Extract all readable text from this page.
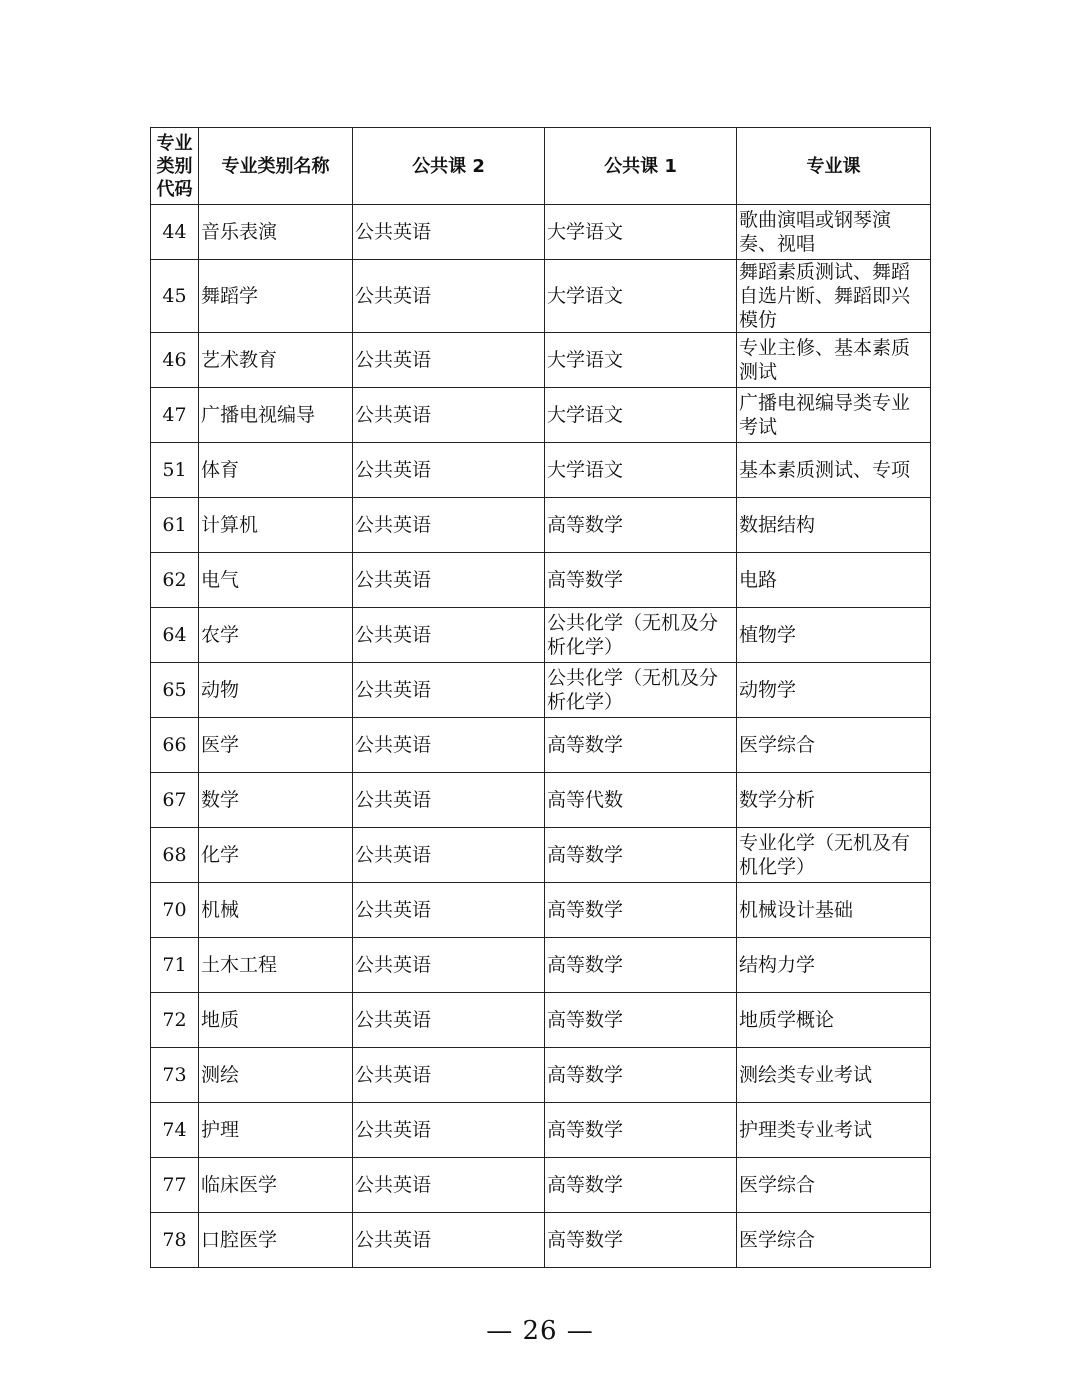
专业
类别
代码	专业类别名称	公共课 2	公共课 1	专业课
44	音乐表演	公共英语	大学语文	歌曲演唱或钢琴演奏、视唱
45	舞蹈学	公共英语	大学语文	舞蹈素质测试、舞蹈自选片断、舞蹈即兴模仿
46	艺术教育	公共英语	大学语文	专业主修、基本素质测试
47	广播电视编导	公共英语	大学语文	广播电视编导类专业考试
51	体育	公共英语	大学语文	基本素质测试、专项
61	计算机	公共英语	高等数学	数据结构
62	电气	公共英语	高等数学	电路
64	农学	公共英语	公共化学（无机及分析化学）	植物学
65	动物	公共英语	公共化学（无机及分析化学）	动物学
66	医学	公共英语	高等数学	医学综合
67	数学	公共英语	高等代数	数学分析
68	化学	公共英语	高等数学	专业化学（无机及有机化学）
70	机械	公共英语	高等数学	机械设计基础
71	土木工程	公共英语	高等数学	结构力学
72	地质	公共英语	高等数学	地质学概论
73	测绘	公共英语	高等数学	测绘类专业考试
74	护理	公共英语	高等数学	护理类专业考试
77	临床医学	公共英语	高等数学	医学综合
78	口腔医学	公共英语	高等数学	医学综合
— 26 —
